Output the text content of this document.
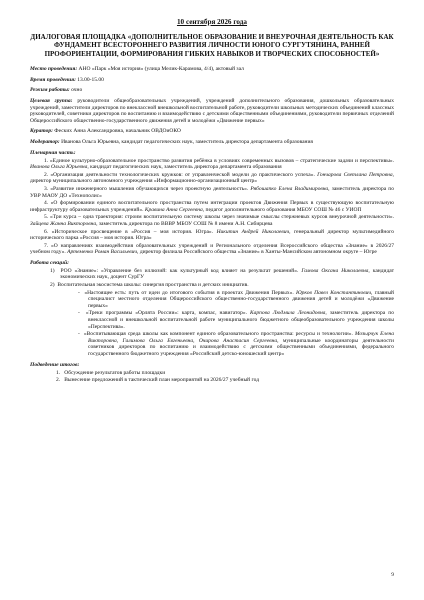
10 сентября 2026 года
ДИАЛОГОВАЯ ПЛОЩАДКА «ДОПОЛНИТЕЛЬНОЕ ОБРАЗОВАНИЕ И ВНЕУРОЧНАЯ ДЕЯТЕЛЬНОСТЬ КАК ФУНДАМЕНТ ВСЕСТОРОННЕГО РАЗВИТИЯ ЛИЧНОСТИ ЮНОГО СУРГУТЯНИНА, РАННЕЙ ПРОФОРИЕНТАЦИИ, ФОРМИРОВАНИЯ ГИБКИХ НАВЫКОВ И ТВОРЧЕСКИХ СПОСОБНОСТЕЙ»

Место проведения: АНО «Парк «Моя история» (улица Мелик-Карамова, 4/4), актовый зал

Время проведения: 13.00-15.00

Режим работы: очно

Целевая группа: руководители общеобразовательных учреждений, учреждений дополнительного образования, дошкольных образовательных учреждений, заместители директоров по внеклассной внешкольной воспитательной работе, руководители школьных методических объединений классных руководителей, советники директоров по воспитанию и взаимодействию с детскими общественными объединениями, руководители первичных отделений Общероссийского общественно-государственного движения детей и молодёжи «Движение первых»

Куратор: Феских Анна Александровна, начальник ОВДОиОКО

Модератор: Иванова Ольга Юрьевна, кандидат педагогических наук, заместитель директора департамента образования

Пленарная часть:
1. «Единое культурно-образовательное пространство развития ребёнка в условиях современных вызовов – стратегические задачи и перспективы». Иванова Ольга Юрьевна, кандидат педагогических наук, заместитель директора департамента образования
2. «Организация деятельности технологических кружков: от управленческой модели до практического успеха». Гончарова Светлана Петровна, директор муниципального автономного учреждения «Информационно-организационный центр»
3. «Развитие инженерного мышления обучающихся через проектную деятельность». Рябошапко Елена Владимировна, заместитель директора по УВР МАОУ ДО «Технополис»
4. «О формировании единого воспитательного пространства путем интеграции проектов Движения Первых в существующую воспитательную инфраструктуру образовательных учреждений». Кравина Анна Сергеевна, педагог дополнительного образования МБОУ СОШ № 46 с УИОП
5. «Три курса – одна траектория: строим воспитательную систему школы через значимые смыслы стержневых курсов внеурочной деятельности». Зайцева Жанна Викторовна, заместитель директора по ВВВР МБОУ СОШ № 8 имени А.Н. Сибирцева
6. «Историческое просвещение в «Россия – моя история. Югра». Никитин Андрей Николаевич, генеральный директор мультимедийного исторического парка «Россия – моя история. Югра»
7. «О направлениях взаимодействия образовательных учреждений и Регионального отделения Всероссийского общества «Знание» в 2026/27 учебном году». Артеменко Роман Васильевич, директор филиала Российского общества «Знание» в Ханты-Мансийском автономном округе – Югре
Работа секций:
1)  РОО «Знание»: «Управление без иллюзий: как культурный код влияет на результат решений». Гамова Оксана Николаевна, кандидат экономических наук, доцент СурГУ
2)  Воспитательная экосистема школы: синергия пространства и детских инициатив.
-  «Настоящее есть: путь от идеи до итогового события в проектах Движения Первых». Юрков Павел Константинович, главный специалист местного отделения Общероссийского общественно-государственного движения детей и молодёжи «Движение первых»
-  «Треки программы «Орлята России»: карта, компас, навигатор». Карпова Людмила Леонидовна, заместитель директора по внеклассной и внешкольной воспитательной работе муниципального бюджетного общеобразовательного учреждения школы «Перспектива».
-  «Воспитывающая среда школы как компонент единого образовательного пространства: ресурсы и технологии». Мозырчук Елена Викторовна, Галимова Ольга Евгеньевна, Очирова Анастасия Сергеевна, муниципальные координаторы деятельности советников директоров по воспитанию и взаимодействию с детскими общественными объединениями, федерального государственного бюджетного учреждения «Российский детско-юношеский центр»
Подведение итогов:
1.   Обсуждение результатов работы площадки
2.   Вынесение предложений в тактический план мероприятий на 2026/27 учебный год
9
